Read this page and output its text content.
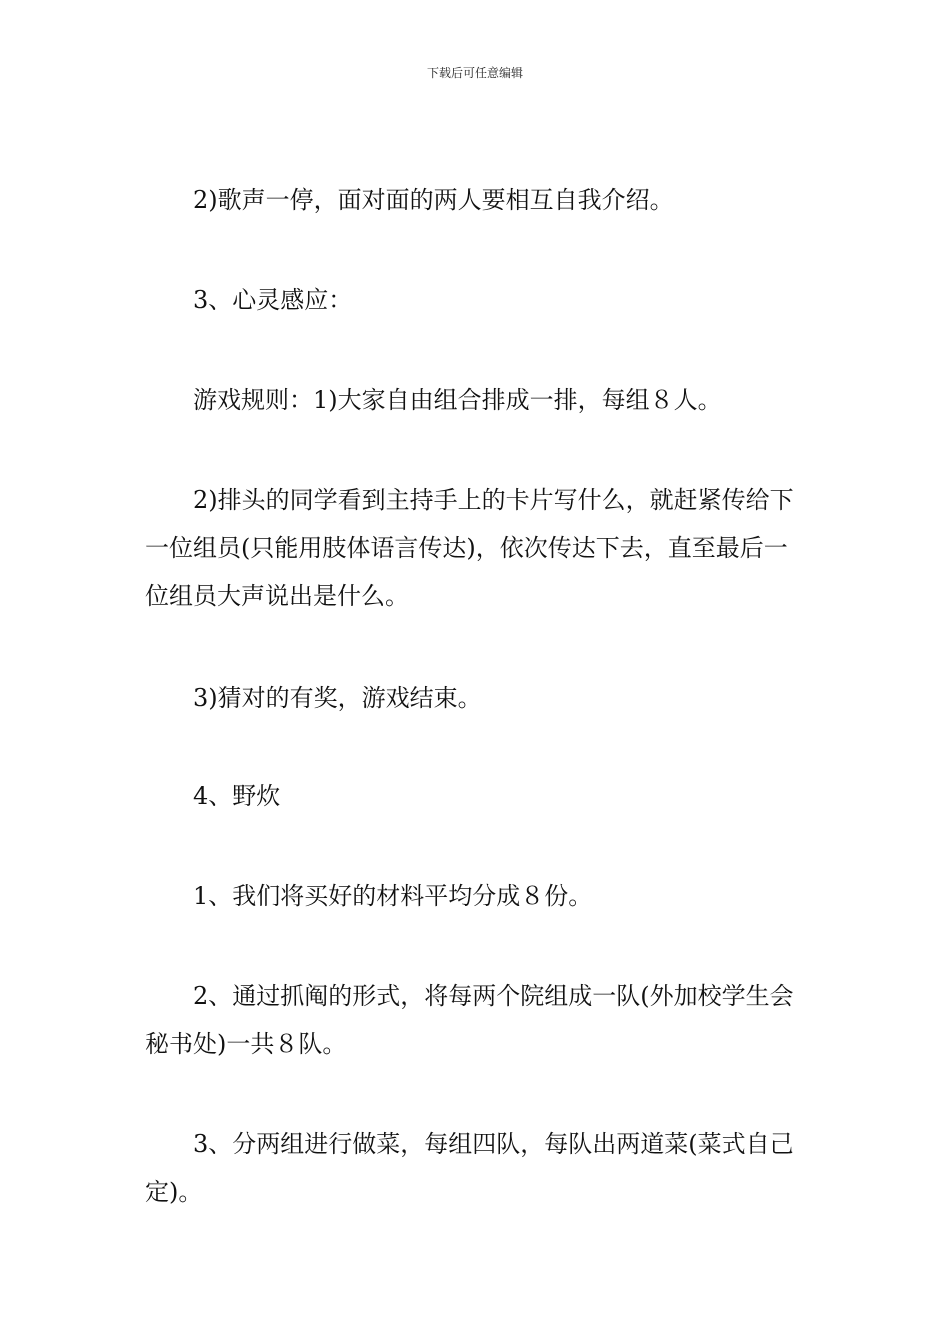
下载后可任意编辑

2)歌声一停，面对面的两人要相互自我介绍。

3、心灵感应：

游戏规则：1)大家自由组合排成一排，每组８人。

2)排头的同学看到主持手上的卡片写什么，就赶紧传给下一位组员(只能用肢体语言传达)，依次传达下去，直至最后一位组员大声说出是什么。

3)猜对的有奖，游戏结束。

4、野炊

1、我们将买好的材料平均分成８份。

2、通过抓阄的形式，将每两个院组成一队(外加校学生会秘书处)一共８队。

3、分两组进行做菜，每组四队，每队出两道菜(菜式自己定)。
